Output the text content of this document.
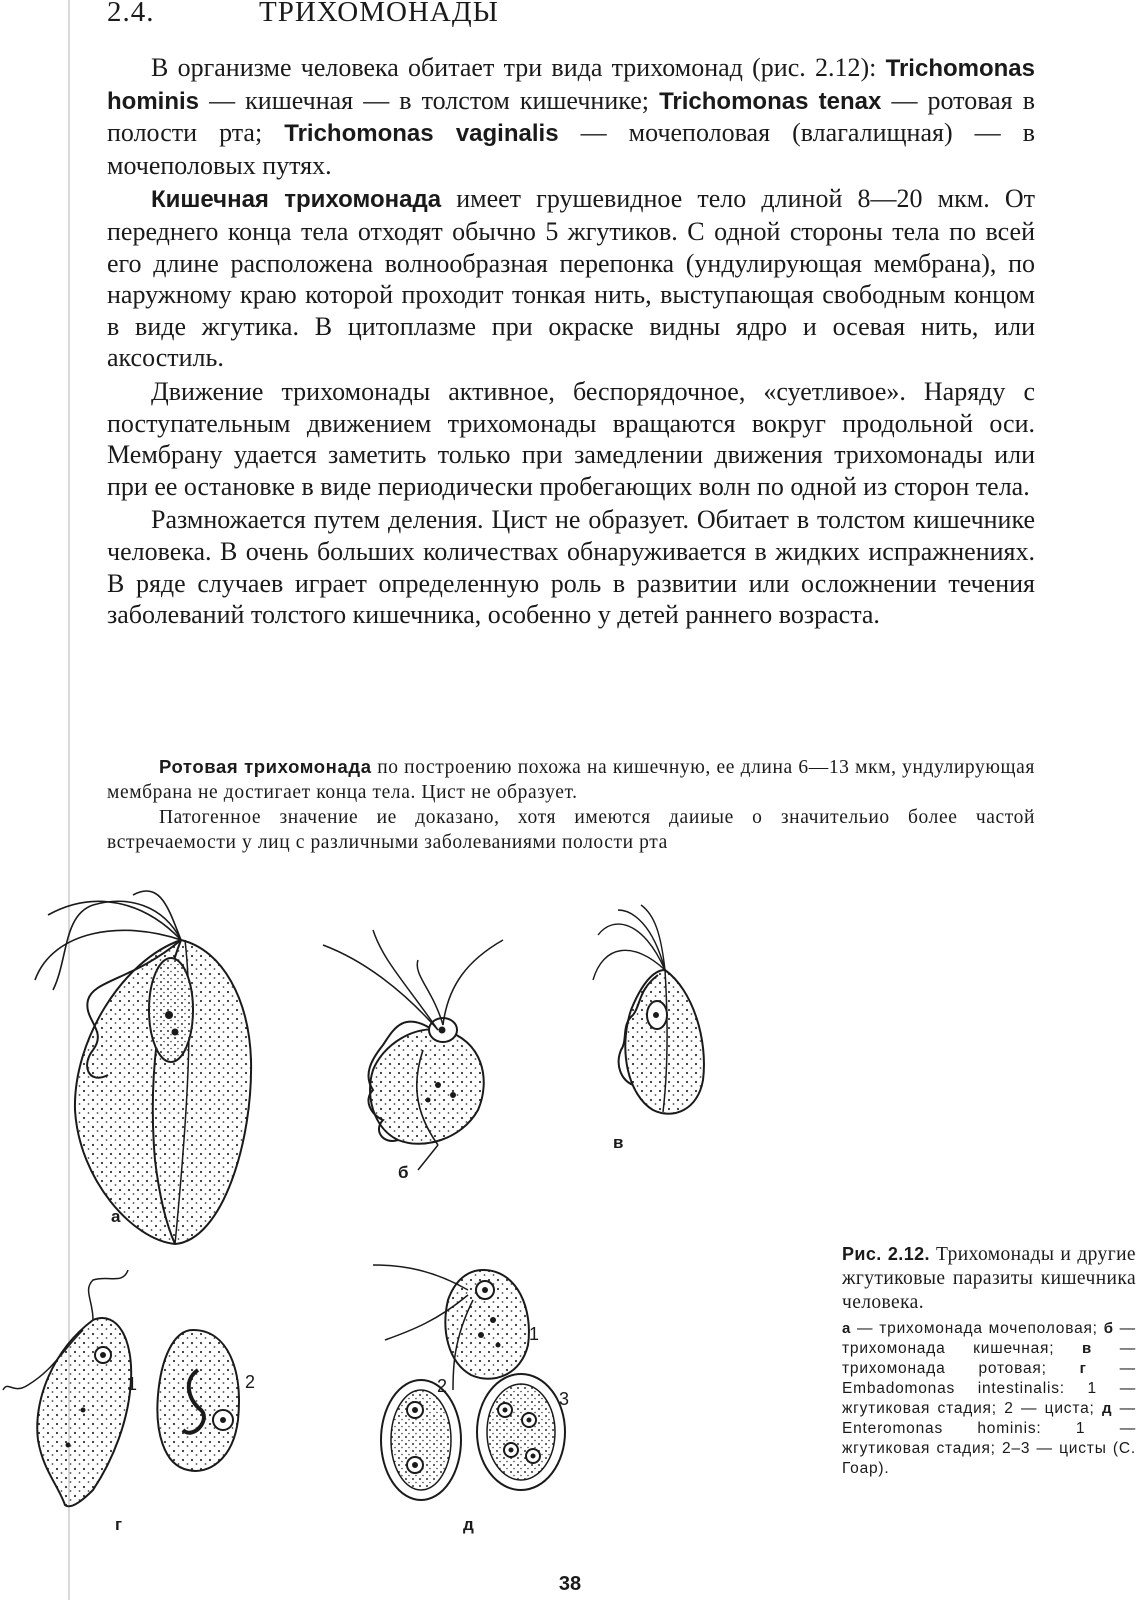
2.4.	ТРИХОМОНАДЫ

В организме человека обитает три вида трихомонад (рис. 2.12): Trichomonas hominis — кишечная — в толстом кишечнике; Trichomonas tenax — ротовая в полости рта; Trichomonas vaginalis — мочеполовая (влагалищная) — в мочеполовых путях.

Кишечная трихомонада имеет грушевидное тело длиной 8—20 мкм. От переднего конца тела отходят обычно 5 жгутиков. С одной стороны тела по всей его длине расположена волнообразная перепонка (ундулирующая мембрана), по наружному краю которой проходит тонкая нить, выступающая свободным концом в виде жгутика. В цитоплазме при окраске видны ядро и осевая нить, или аксостиль.

Движение трихомонады активное, беспорядочное, «суетливое». Наряду с поступательным движением трихомонады вращаются вокруг продольной оси. Мембрану удается заметить только при замедлении движения трихомонады или при ее остановке в виде периодически пробегающих волн по одной из сторон тела.

Размножается путем деления. Цист не образует. Обитает в толстом кишечнике человека. В очень больших количествах обнаруживается в жидких испражнениях. В ряде случаев играет определенную роль в развитии или осложнении течения заболеваний толстого кишечника, особенно у детей раннего возраста.

Ротовая трихомонада по построению похожа на кишечную, ее длина 6—13 мкм, ундулирующая мембрана не достигает конца тела. Цист не образует.

Патогенное значение ие доказано, хотя имеются даииые о значительио более частой встречаемости у лиц с различными заболеваниями полости рта

Рис. 2.12. Трихомонады и другие жгутиковые паразиты кишечника человека.

а — трихомонада мочеполовая; б — трихомонада кишечная; в — трихомонада ротовая; г — Embadomonas intestinalis: 1 — жгутиковая стадия; 2 — циста; д — Enteromonas hominis: 1 — жгутиковая стадия; 2–3 — цисты (С. Гоар).

а
б
в
1	2
г
1
2
3
д
38
